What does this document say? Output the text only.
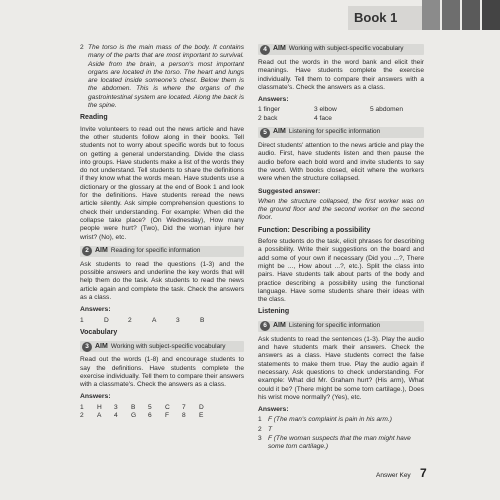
Book 1
2 The torso is the main mass of the body. It contains many of the parts that are most important to survival. Aside from the brain, a person's most important organs are located in the torso. The heart and lungs are located inside someone's chest. Below them is the abdomen. This is where the organs of the gastrointestinal system are located. Along the back is the spine.
Reading
Invite volunteers to read out the news article and have the other students follow along in their books. Tell students not to worry about specific words but to focus on getting a general understanding. Divide the class into groups. Have students make a list of the words they do not understand. Tell students to share the definitions if they know what the words mean. Have students use a dictionary or the glossary at the end of Book 1 and look for the definitions. Have students reread the news article silently. Ask simple comprehension questions to check their understanding. For example: When did the collapse take place? (On Wednesday), How many people were hurt? (Two), Did the woman injure her wrist? (No), etc.
2 AIM Reading for specific information
Ask students to read the questions (1-3) and the possible answers and underline the key words that will help them do the task. Ask students to read the news article again and complete the task. Check the answers as a class.
Answers:
1	D	2	A	3	B
Vocabulary
3 AIM Working with subject-specific vocabulary
Read out the words (1-8) and encourage students to say the definitions. Have students complete the exercise individually. Tell them to compare their answers with a classmate's. Check the answers as a class.
Answers:
1	H	3	B	5	C	7	D
2	A	4	G	6	F	8	E
4 AIM Working with subject-specific vocabulary
Read out the words in the word bank and elicit their meanings. Have students complete the exercise individually. Tell them to compare their answers with a classmate's. Check the answers as a class.
Answers:
1 finger	3 elbow	5 abdomen
2 back	4 face
5 AIM Listening for specific information
Direct students' attention to the news article and play the audio. First, have students listen and then pause the audio before each bold word and invite students to say the word. With books closed, elicit where the workers were when the structure collapsed.
Suggested answer:
When the structure collapsed, the first worker was on the ground floor and the second worker on the second floor.
Function: Describing a possibility
Before students do the task, elicit phrases for describing a possibility. Write their suggestions on the board and add some of your own if necessary (Did you ...?, There might be ..., How about ...?, etc.). Split the class into pairs. Have students talk about parts of the body and practice describing a possibility using the functional language. Have some students share their ideas with the class.
Listening
6 AIM Listening for specific information
Ask students to read the sentences (1-3). Play the audio and have students mark their answers. Check the answers as a class. Have students correct the false statements to make them true. Play the audio again if necessary. Ask questions to check understanding. For example: What did Mr. Graham hurt? (His arm), What could it be? (There might be some torn cartilage.), Does his wrist move normally? (Yes), etc.
Answers:
1 F (The man's complaint is pain in his arm.)
2 T
3 F (The woman suspects that the man might have some torn cartilage.)
Answer Key 7
